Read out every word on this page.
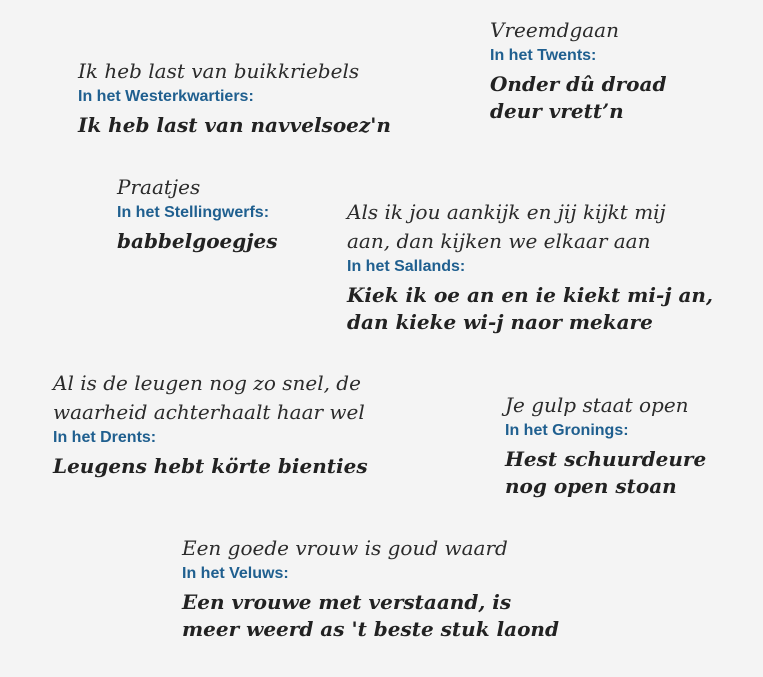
Ik heb last van buikkriebels
In het Westerkwartiers:
Ik heb last van navvelsoez'n
Vreemdgaan
In het Twents:
Onder dû droad
deur vrett’n
Praatjes
In het Stellingwerfs:
babbelgoegjes
Als ik jou aankijk en jij kijkt mij
aan, dan kijken we elkaar aan
In het Sallands:
Kiek ik oe an en ie kiekt mi-j an,
dan kieke wi-j naor mekare
Al is de leugen nog zo snel, de
waarheid achterhaalt haar wel
In het Drents:
Leugens hebt körte bienties
Je gulp staat open
In het Gronings:
Hest schuurdeure
nog open stoan
Een goede vrouw is goud waard
In het Veluws:
Een vrouwe met verstaand, is
meer weerd as 't beste stuk laond
